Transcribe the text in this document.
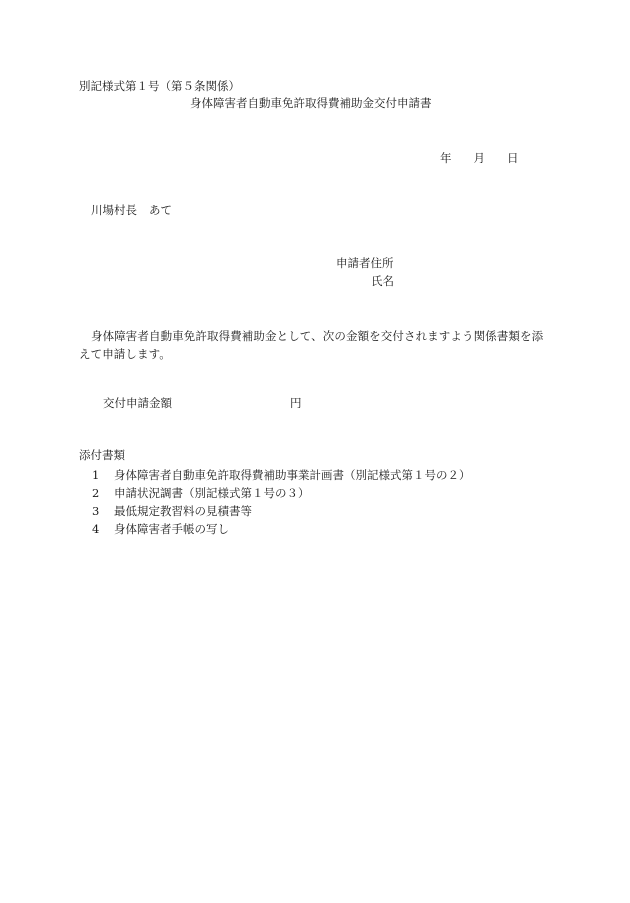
別記様式第１号（第５条関係）
身体障害者自動車免許取得費補助金交付申請書
年 月 日
川場村長 あて
申請者住所
氏名
身体障害者自動車免許取得費補助金として、次の金額を交付されますよう関係書類を添えて申請します。
交付申請金額	円
添付書類
1 身体障害者自動車免許取得費補助事業計画書（別記様式第１号の２）
2 申請状況調書（別記様式第１号の３）
3 最低規定教習料の見積書等
4 身体障害者手帳の写し
